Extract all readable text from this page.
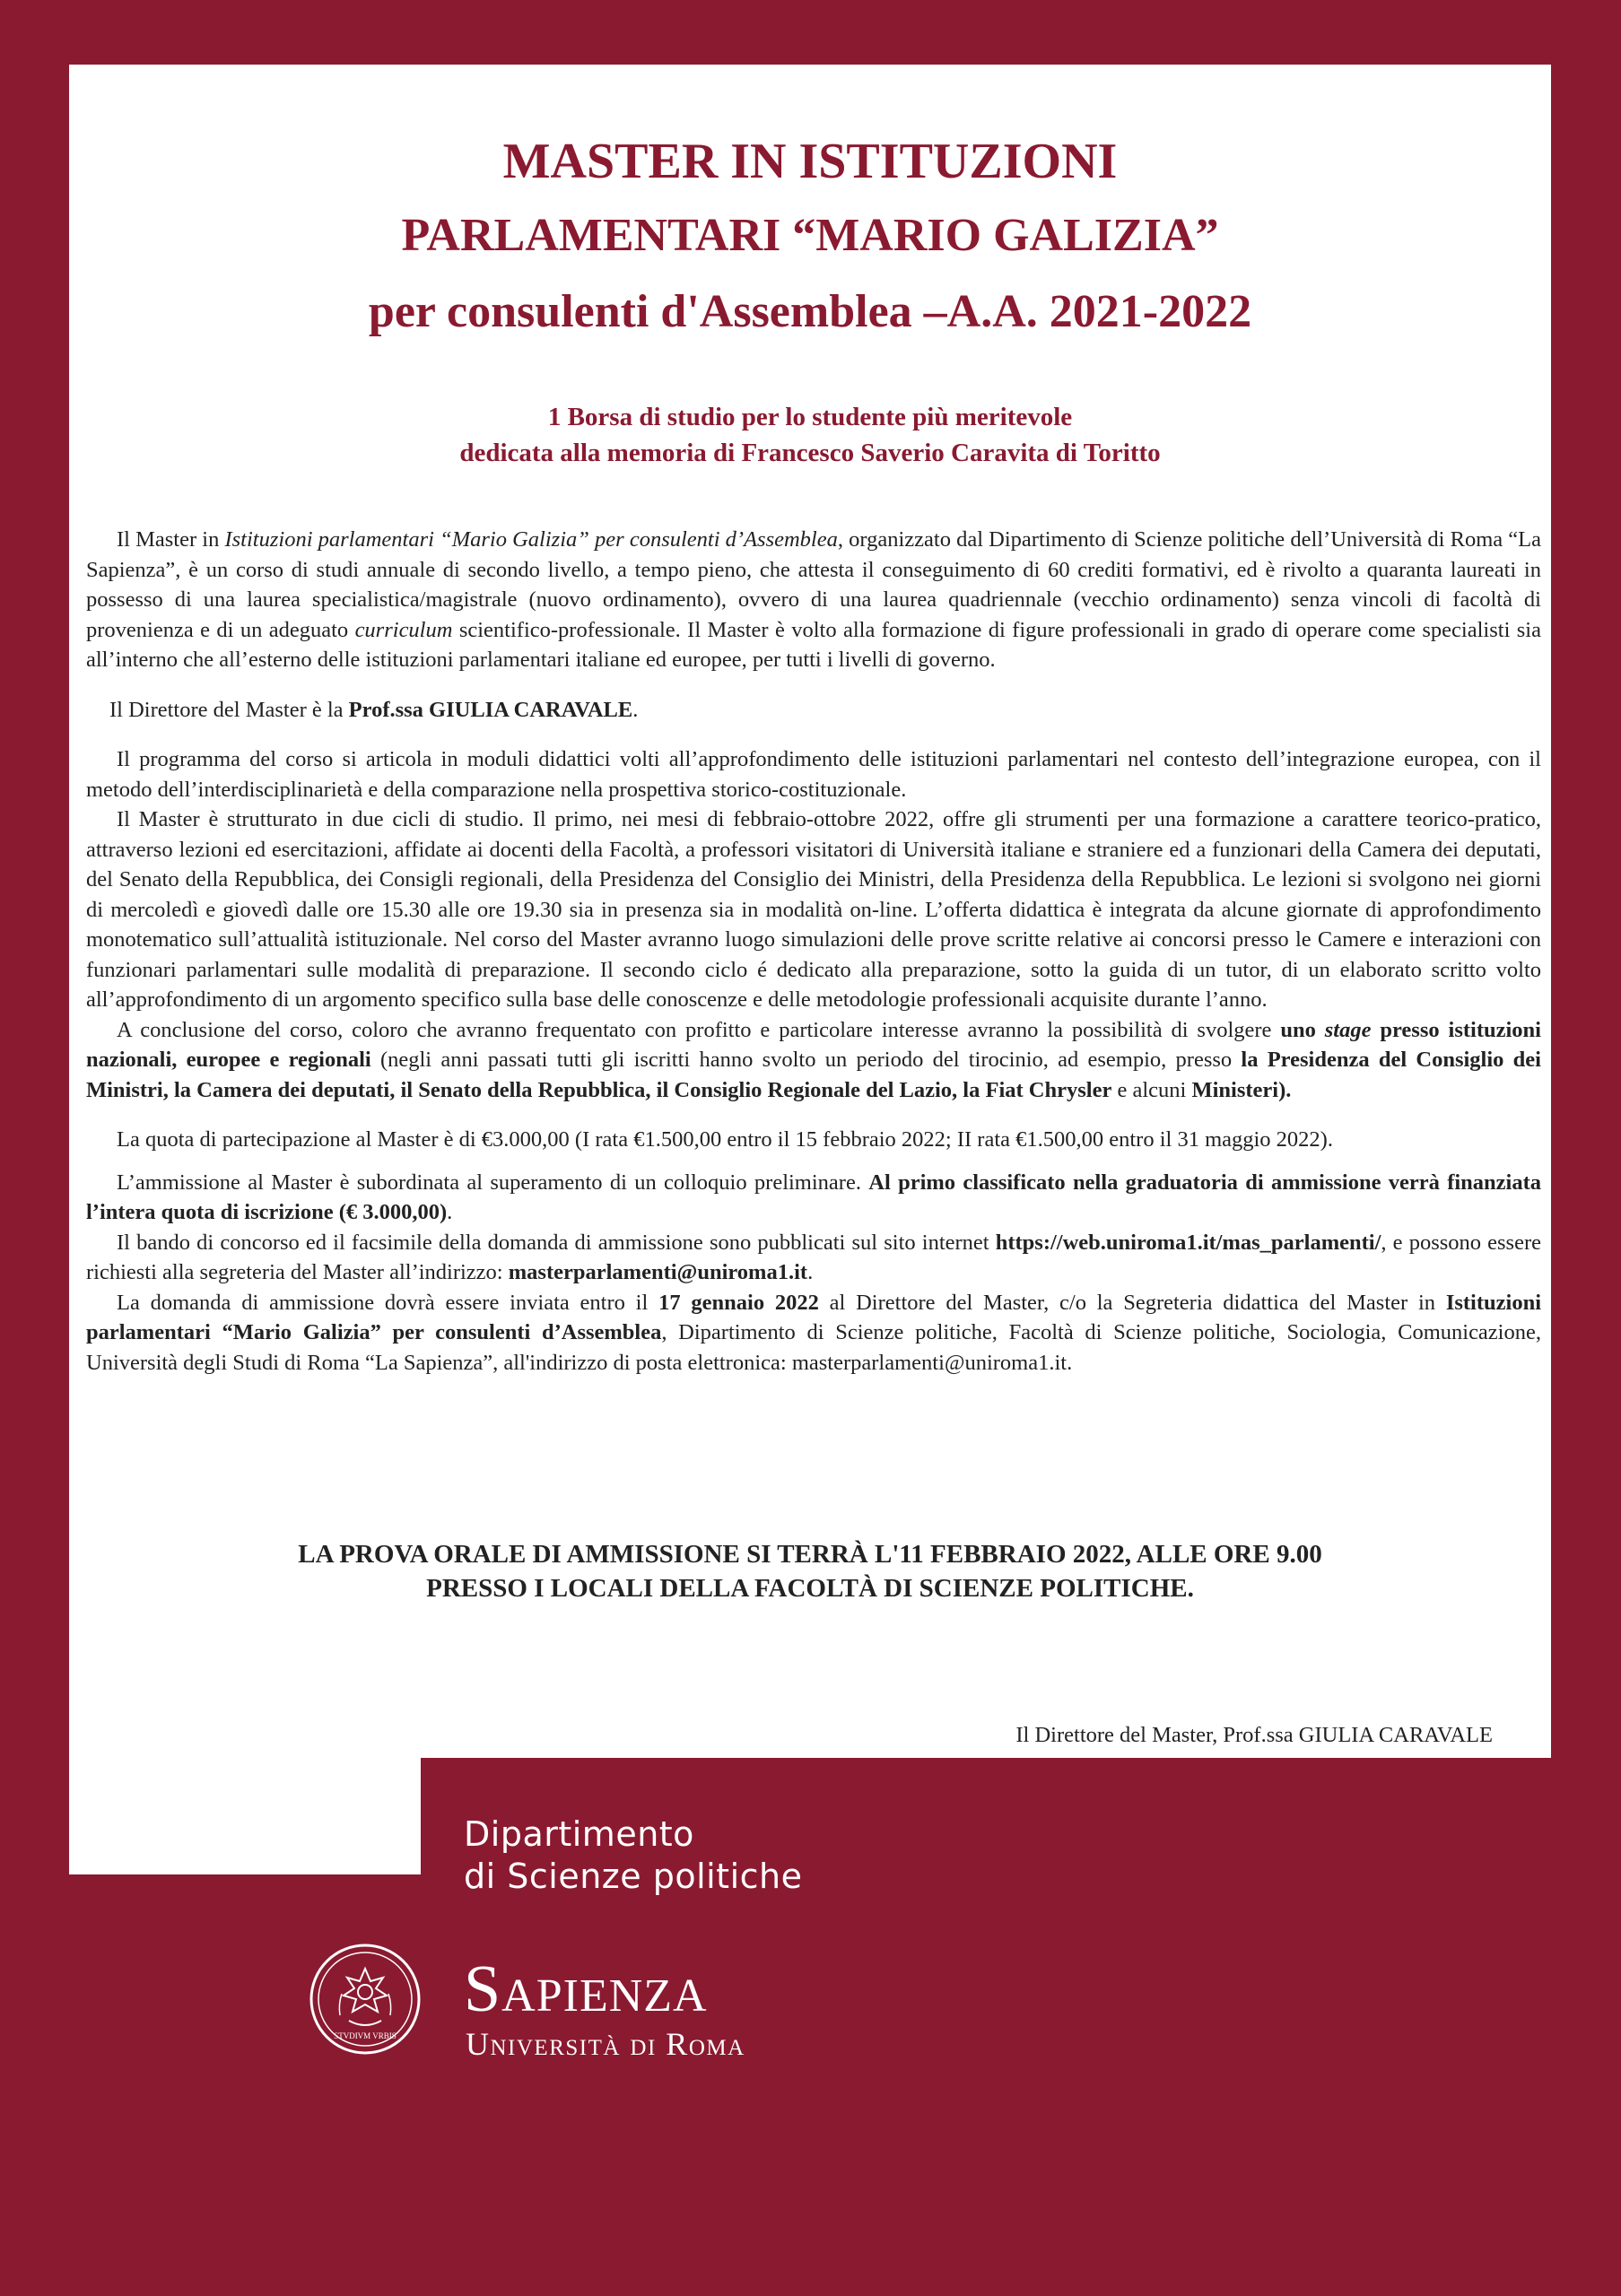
MASTER IN ISTITUZIONI
PARLAMENTARI “MARIO GALIZIA”
per consulenti d'Assemblea –A.A. 2021-2022
1 Borsa di studio per lo studente più meritevole
dedicata alla memoria di Francesco Saverio Caravita di Toritto

Il Master in Istituzioni parlamentari “Mario Galizia” per consulenti d’Assemblea, organizzato dal Dipartimento di Scienze politiche dell’Università di Roma “La Sapienza”, è un corso di studi annuale di secondo livello, a tempo pieno, che attesta il conseguimento di 60 crediti formativi, ed è rivolto a quaranta laureati in possesso di una laurea specialistica/magistrale (nuovo ordinamento), ovvero di una laurea quadriennale (vecchio ordinamento) senza vincoli di facoltà di provenienza e di un adeguato curriculum scientifico-professionale. Il Master è volto alla formazione di figure professionali in grado di operare come specialisti sia all’interno che all’esterno delle istituzioni parlamentari italiane ed europee, per tutti i livelli di governo.

Il Direttore del Master è la Prof.ssa GIULIA CARAVALE.

Il programma del corso si articola in moduli didattici volti all’approfondimento delle istituzioni parlamentari nel contesto dell’integrazione europea, con il metodo dell’interdisciplinarietà e della comparazione nella prospettiva storico-costituzionale.

Il Master è strutturato in due cicli di studio. Il primo, nei mesi di febbraio-ottobre 2022, offre gli strumenti per una formazione a carattere teorico-pratico, attraverso lezioni ed esercitazioni, affidate ai docenti della Facoltà, a professori visitatori di Università italiane e straniere ed a funzionari della Camera dei deputati, del Senato della Repubblica, dei Consigli regionali, della Presidenza del Consiglio dei Ministri, della Presidenza della Repubblica. Le lezioni si svolgono nei giorni di mercoledì e giovedì dalle ore 15.30 alle ore 19.30 sia in presenza sia in modalità on-line. L’offerta didattica è integrata da alcune giornate di approfondimento monotematico sull’attualità istituzionale. Nel corso del Master avranno luogo simulazioni delle prove scritte relative ai concorsi presso le Camere e interazioni con funzionari parlamentari sulle modalità di preparazione. Il secondo ciclo é dedicato alla preparazione, sotto la guida di un tutor, di un elaborato scritto volto all’approfondimento di un argomento specifico sulla base delle conoscenze e delle metodologie professionali acquisite durante l’anno.

A conclusione del corso, coloro che avranno frequentato con profitto e particolare interesse avranno la possibilità di svolgere uno stage presso istituzioni nazionali, europee e regionali (negli anni passati tutti gli iscritti hanno svolto un periodo del tirocinio, ad esempio, presso la Presidenza del Consiglio dei Ministri, la Camera dei deputati, il Senato della Repubblica, il Consiglio Regionale del Lazio, la Fiat Chrysler e alcuni Ministeri).

La quota di partecipazione al Master è di €3.000,00 (I rata €1.500,00 entro il 15 febbraio 2022; II rata €1.500,00 entro il 31 maggio 2022).

L’ammissione al Master è subordinata al superamento di un colloquio preliminare. Al primo classificato nella graduatoria di ammissione verrà finanziata l’intera quota di iscrizione (€ 3.000,00).

Il bando di concorso ed il facsimile della domanda di ammissione sono pubblicati sul sito internet https://web.uniroma1.it/mas_parlamenti/, e possono essere richiesti alla segreteria del Master all’indirizzo: masterparlamenti@uniroma1.it.

La domanda di ammissione dovrà essere inviata entro il 17 gennaio 2022 al Direttore del Master, c/o la Segreteria didattica del Master in Istituzioni parlamentari “Mario Galizia” per consulenti d’Assemblea, Dipartimento di Scienze politiche, Facoltà di Scienze politiche, Sociologia, Comunicazione, Università degli Studi di Roma “La Sapienza”, all'indirizzo di posta elettronica: masterparlamenti@uniroma1.it.

LA PROVA ORALE DI AMMISSIONE SI TERRÀ L'11 FEBBRAIO 2022, ALLE ORE 9.00
PRESSO I LOCALI DELLA FACOLTÀ DI SCIENZE POLITICHE.
Il Direttore del Master, Prof.ssa GIULIA CARAVALE
Dipartimento
di Scienze politiche
STVDIVM VRBIS
Sapienza
Università di Roma
